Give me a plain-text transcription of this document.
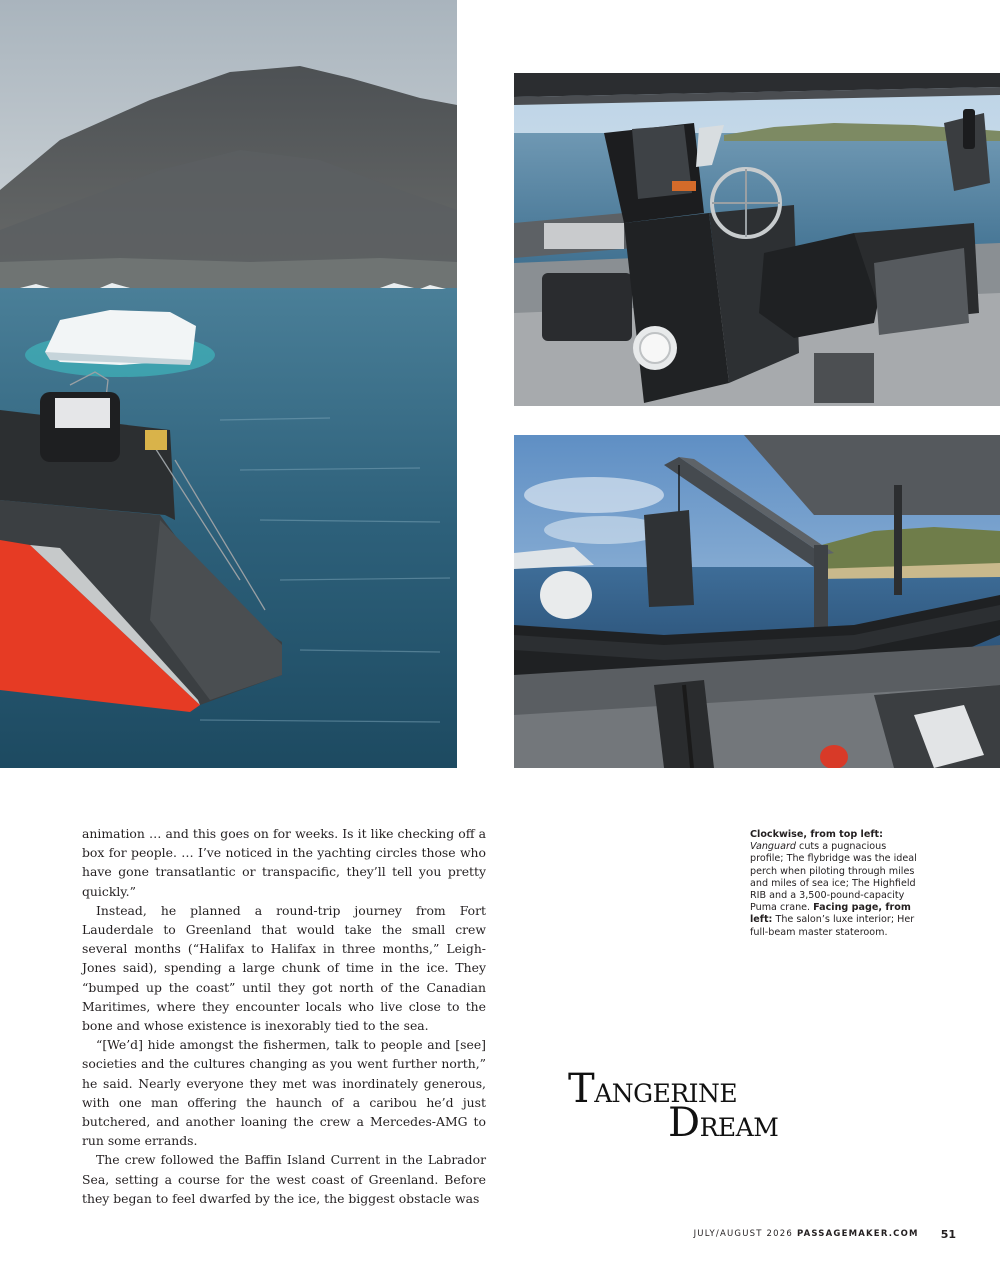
animation … and this goes on for weeks. Is it like checking off a box for people. … I’ve noticed in the yachting circles those who have gone transatlantic or transpacific, they’ll tell you pretty quickly.”

Instead, he planned a round-trip journey from Fort Lauderdale to Greenland that would take the small crew several months (“Halifax to Halifax in three months,” Leigh-Jones said), spending a large chunk of time in the ice. They “bumped up the coast” until they got north of the Canadian Maritimes, where they encounter locals who live close to the bone and whose existence is inexorably tied to the sea.

“[We’d] hide amongst the fishermen, talk to people and [see] societies and the cultures changing as you went further north,” he said. Nearly everyone they met was inordinately generous, with one man offering the haunch of a caribou he’d just butchered, and another loaning the crew a Mercedes-AMG to run some errands.

The crew followed the Baffin Island Current in the Labrador Sea, setting a course for the west coast of Greenland. Before they began to feel dwarfed by the ice, the biggest obstacle was

Clockwise, from top left: Vanguard cuts a pugnacious profile; The flybridge was the ideal perch when piloting through miles and miles of sea ice; The Highfield RIB and a 3,500-pound-capacity Puma crane. Facing page, from left: The salon’s luxe interior; Her full-beam master stateroom.
TANGERINE
DREAM
JULY/AUGUST 2026 PASSAGEMAKER.COM 51
